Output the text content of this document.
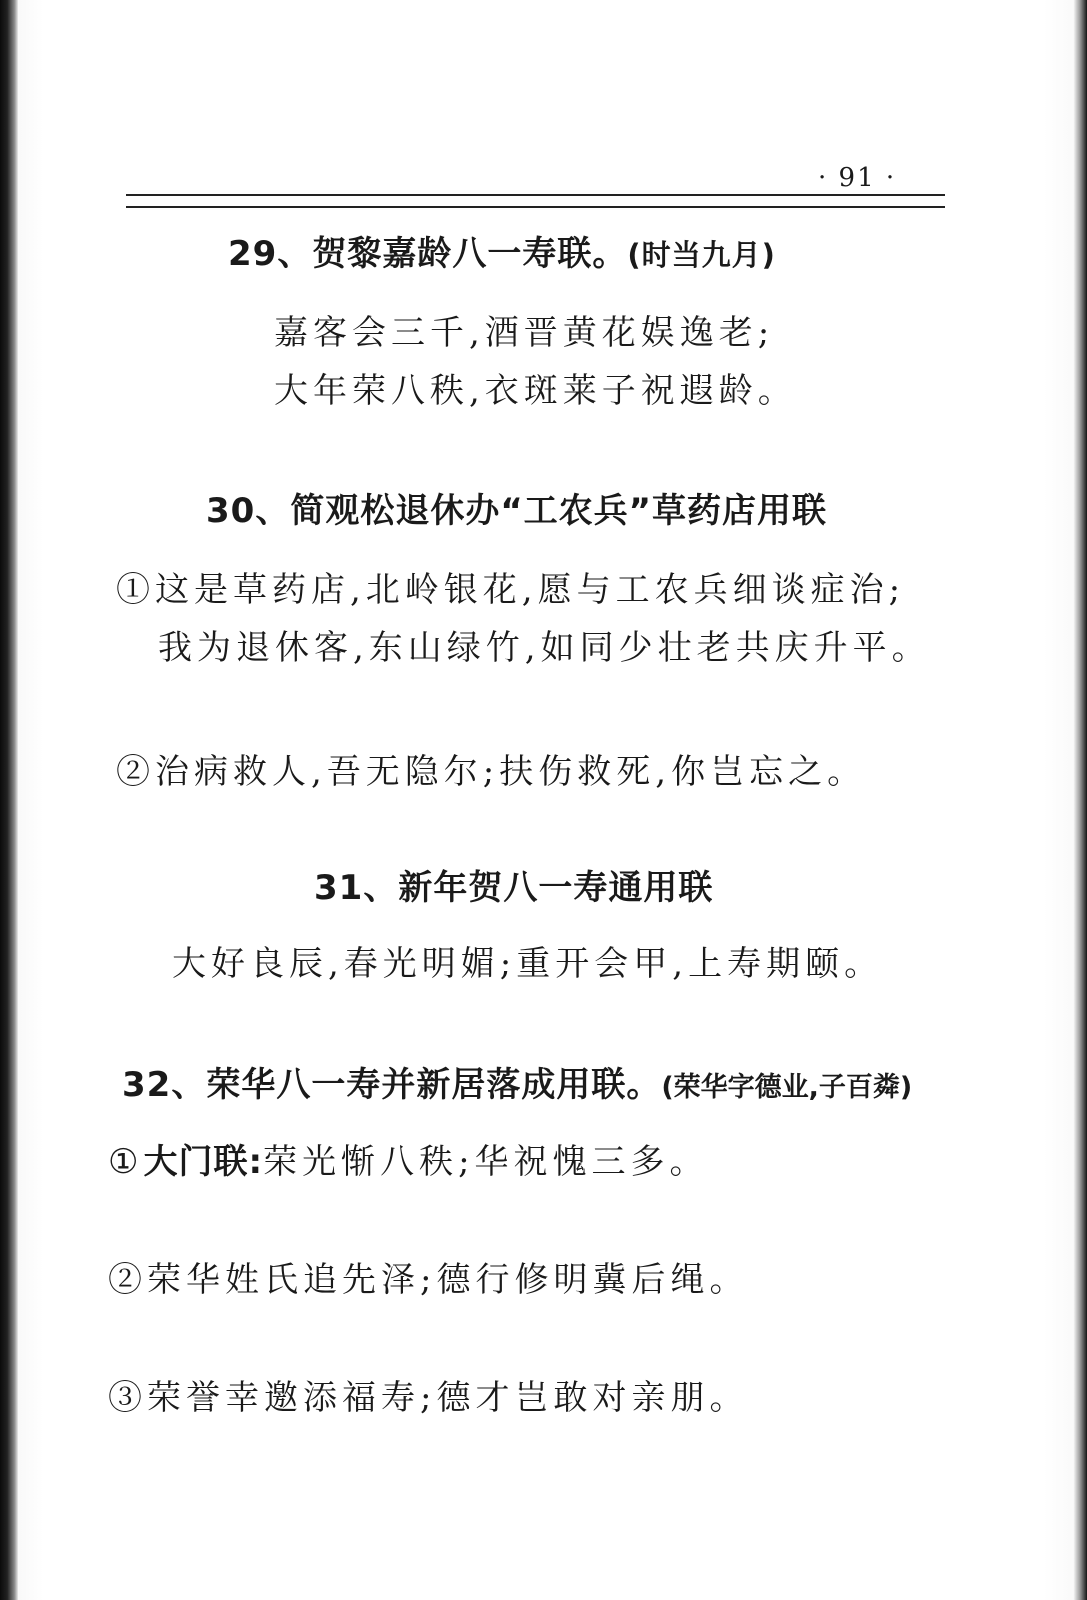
· 91 ·
29、贺黎嘉龄八一寿联。(时当九月)
嘉客会三千,酒晋黄花娱逸老;
大年荣八秩,衣斑莱子祝遐龄。
30、简观松退休办“工农兵”草药店用联
①这是草药店,北岭银花,愿与工农兵细谈症治;
我为退休客,东山绿竹,如同少壮老共庆升平。
②治病救人,吾无隐尔;扶伤救死,你岂忘之。
31、新年贺八一寿通用联
大好良辰,春光明媚;重开会甲,上寿期颐。
32、荣华八一寿并新居落成用联。(荣华字德业,子百粦)
①大门联:荣光惭八秩;华祝愧三多。
②荣华姓氏追先泽;德行修明冀后绳。
③荣誉幸邀添福寿;德才岂敢对亲朋。
